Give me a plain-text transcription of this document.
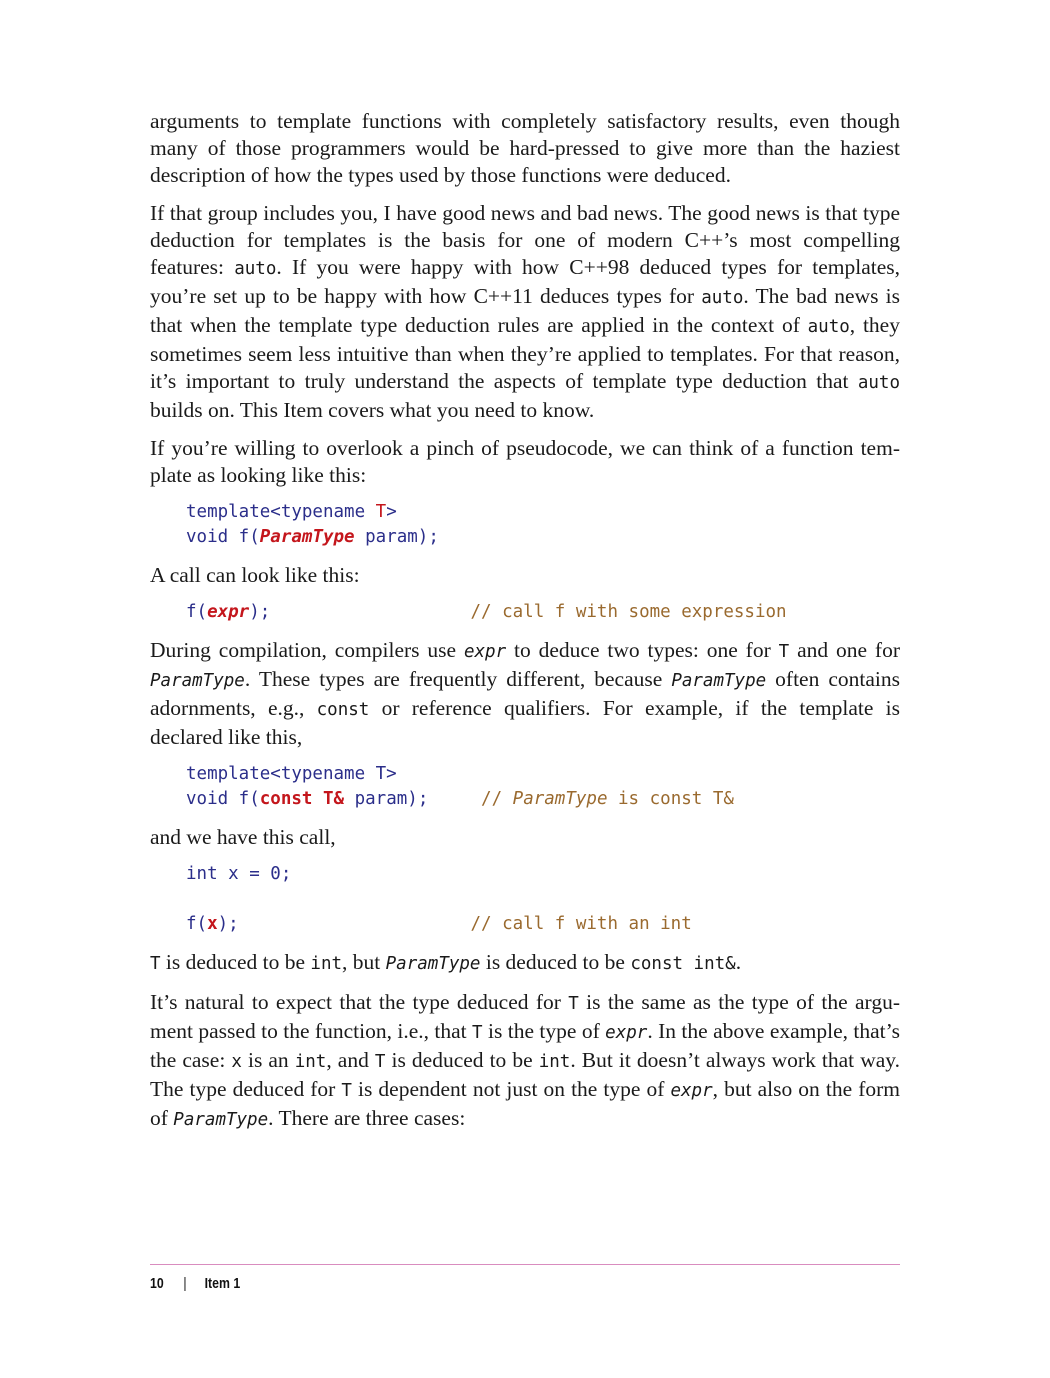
arguments to template functions with completely satisfactory results, even though many of those programmers would be hard-pressed to give more than the haziest description of how the types used by those functions were deduced.

If that group includes you, I have good news and bad news. The good news is that type deduction for templates is the basis for one of modern C++’s most compelling features: auto. If you were happy with how C++98 deduced types for templates, you’re set up to be happy with how C++11 deduces types for auto. The bad news is that when the template type deduction rules are applied in the context of auto, they sometimes seem less intuitive than when they’re applied to templates. For that reason, it’s important to truly understand the aspects of template type deduction that auto builds on. This Item covers what you need to know.

If you’re willing to overlook a pinch of pseudocode, we can think of a function template as looking like this:

template<typename T>
void f(ParamType param);

A call can look like this:

f(expr);	// call f with some expression

During compilation, compilers use expr to deduce two types: one for T and one for ParamType. These types are frequently different, because ParamType often contains adornments, e.g., const or reference qualifiers. For example, if the template is declared like this,

template<typename T>
void f(const T& param);	// ParamType is const T&

and we have this call,

int x = 0;

f(x);	// call f with an int

T is deduced to be int, but ParamType is deduced to be const int&.

It’s natural to expect that the type deduced for T is the same as the type of the argument passed to the function, i.e., that T is the type of expr. In the above example, that’s the case: x is an int, and T is deduced to be int. But it doesn’t always work that way. The type deduced for T is dependent not just on the type of expr, but also on the form of ParamType. There are three cases:

10 | Item 1
